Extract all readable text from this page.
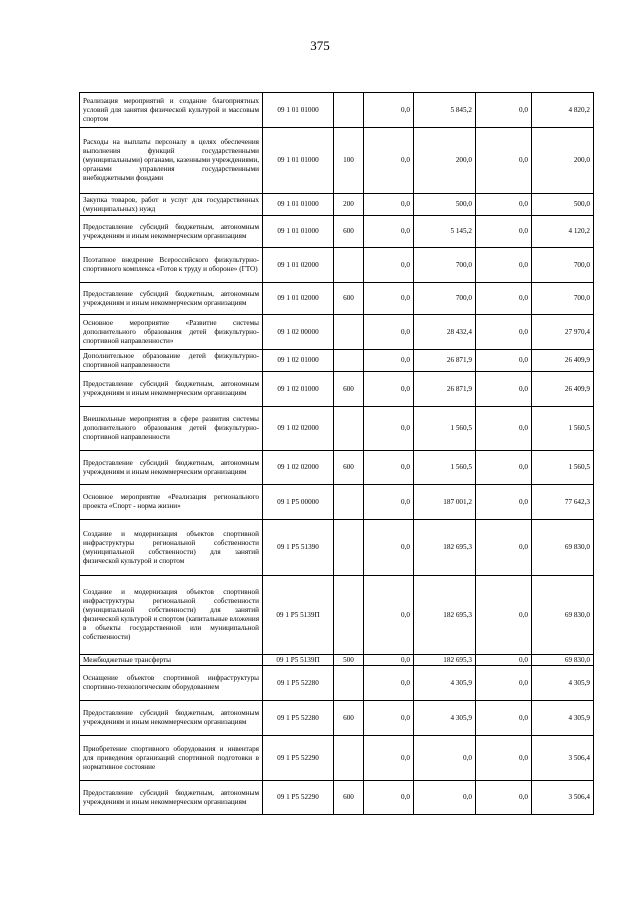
375
Реализация мероприятий и создание благоприятных условий для занятия физической культурой и массовым спортом	09 1 01 01000		0,0	5 845,2	0,0	4 820,2
Расходы на выплаты персоналу в целях обеспечения выполнения функций государственными (муниципальными) органами, казенными учреждениями, органами управления государственными внебюджетными фондами	09 1 01 01000	100	0,0	200,0	0,0	200,0
Закупка товаров, работ и услуг для государственных (муниципальных) нужд	09 1 01 01000	200	0,0	500,0	0,0	500,0
Предоставление субсидий бюджетным, автономным учреждениям и иным некоммерческим организациям	09 1 01 01000	600	0,0	5 145,2	0,0	4 120,2
Поэтапное внедрение Всероссийского физкультурно-спортивного комплекса «Готов к труду и обороне» (ГТО)	09 1 01 02000		0,0	700,0	0,0	700,0
Предоставление субсидий бюджетным, автономным учреждениям и иным некоммерческим организациям	09 1 01 02000	600	0,0	700,0	0,0	700,0
Основное мероприятие «Развитие системы дополнительного образования детей физкультурно-спортивной направленности»	09 1 02 00000		0,0	28 432,4	0,0	27 970,4
Дополнительное образование детей физкультурно-спортивной направленности	09 1 02 01000		0,0	26 871,9	0,0	26 409,9
Предоставление субсидий бюджетным, автономным учреждениям и иным некоммерческим организациям	09 1 02 01000	600	0,0	26 871,9	0,0	26 409,9
Внешкольные мероприятия в сфере развития системы дополнительного образования детей физкультурно-спортивной направленности	09 1 02 02000		0,0	1 560,5	0,0	1 560,5
Предоставление субсидий бюджетным, автономным учреждениям и иным некоммерческим организациям	09 1 02 02000	600	0,0	1 560,5	0,0	1 560,5
Основное мероприятие «Реализация регионального проекта «Спорт - норма жизни»	09 1 P5 00000		0,0	187 001,2	0,0	77 642,3
Создание и модернизация объектов спортивной инфраструктуры региональной собственности (муниципальной собственности) для занятий физической культурой и спортом	09 1 P5 51390		0,0	182 695,3	0,0	69 830,0
Создание и модернизация объектов спортивной инфраструктуры региональной собственности (муниципальной собственности) для занятий физической культурой и спортом (капитальные вложения в объекты государственной или муниципальной собственности)	09 1 P5 5139П		0,0	182 695,3	0,0	69 830,0
Межбюджетные трансферты	09 1 P5 5139П	500	0,0	182 695,3	0,0	69 830,0
Оснащение объектов спортивной инфраструктуры спортивно-технологическим оборудованием	09 1 P5 52280		0,0	4 305,9	0,0	4 305,9
Предоставление субсидий бюджетным, автономным учреждениям и иным некоммерческим организациям	09 1 P5 52280	600	0,0	4 305,9	0,0	4 305,9
Приобретение спортивного оборудования и инвентаря для приведения организаций спортивной подготовки в нормативное состояние	09 1 P5 52290		0,0	0,0	0,0	3 506,4
Предоставление субсидий бюджетным, автономным учреждениям и иным некоммерческим организациям	09 1 P5 52290	600	0,0	0,0	0,0	3 506,4
